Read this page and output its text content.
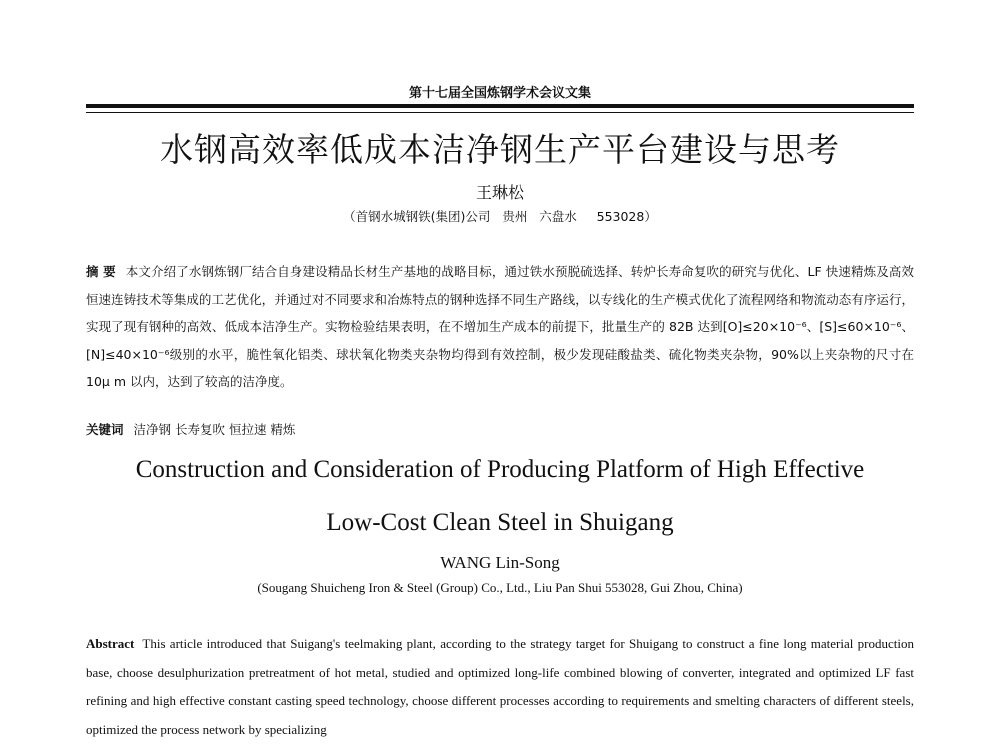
第十七届全国炼钢学术会议文集
水钢高效率低成本洁净钢生产平台建设与思考
王琳松
（首钢水城钢铁(集团)公司   贵州   六盘水     553028）
摘 要 本文介绍了水钢炼钢厂结合自身建设精品长材生产基地的战略目标，通过铁水预脱硫选择、转炉长寿命复吹的研究与优化、LF 快速精炼及高效恒速连铸技术等集成的工艺优化，并通过对不同要求和冶炼特点的钢种选择不同生产路线，以专线化的生产模式优化了流程网络和物流动态有序运行，实现了现有钢种的高效、低成本洁净生产。实物检验结果表明，在不增加生产成本的前提下，批量生产的 82B 达到[O]≤20×10⁻⁶、[S]≤60×10⁻⁶、[N]≤40×10⁻⁶级别的水平，脆性氧化铝类、球状氧化物类夹杂物均得到有效控制，极少发现硅酸盐类、硫化物类夹杂物，90%以上夹杂物的尺寸在 10μ m 以内，达到了较高的洁净度。
关键词 洁净钢 长寿复吹 恒拉速 精炼
Construction and Consideration of Producing Platform of High Effective
Low-Cost Clean Steel in Shuigang
WANG Lin-Song
(Sougang Shuicheng Iron & Steel (Group) Co., Ltd., Liu Pan Shui 553028, Gui Zhou, China)
Abstract This article introduced that Suigang's teelmaking plant, according to the strategy target for Shuigang to construct a fine long material production base, choose desulphurization pretreatment of hot metal, studied and optimized long-life combined blowing of converter, integrated and optimized LF fast refining and high effective constant casting speed technology, choose different processes according to requirements and smelting characters of different steels, optimized the process network by specializing
